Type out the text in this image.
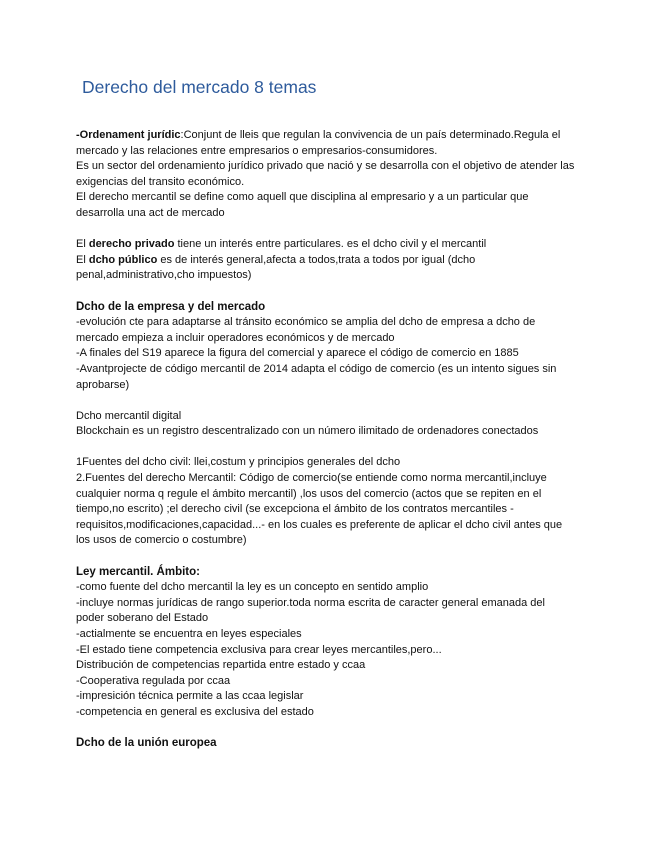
Derecho del mercado 8 temas

-Ordenament jurídic:Conjunt de lleis que regulan la convivencia de un país determinado.Regula el mercado y las relaciones entre empresarios o empresarios-consumidores.

Es un sector del ordenamiento jurídico privado que nació y se desarrolla con el objetivo de atender las exigencias del transito económico.

El derecho mercantil se define como aquell que disciplina al empresario y a un particular que desarrolla una act de mercado

El derecho privado tiene un interés entre particulares. es el dcho civil y el mercantil

El dcho público es de interés general,afecta a todos,trata a todos por igual (dcho penal,administrativo,cho impuestos)

Dcho de la empresa y del mercado

-evolución cte para adaptarse al tránsito económico se amplia del dcho de empresa a dcho de mercado empieza a incluir operadores económicos y de mercado

-A finales del S19 aparece la figura del comercial y aparece el código de comercio en 1885

-Avantprojecte de código mercantil de 2014 adapta el código de comercio (es un intento sigues sin aprobarse)

Dcho mercantil digital

Blockchain es un registro descentralizado con un número ilimitado de ordenadores conectados

1Fuentes del dcho civil: llei,costum y principios generales del dcho

2.Fuentes del derecho Mercantil: Código de comercio(se entiende como norma mercantil,incluye cualquier norma q regule el ámbito mercantil) ,los usos del comercio (actos que se repiten en el tiempo,no escrito) ;el derecho civil (se excepciona el ámbito de los contratos mercantiles -requisitos,modificaciones,capacidad...- en los cuales es preferente de aplicar el dcho civil antes que los usos de comercio o costumbre)

Ley mercantil. Ámbito:

-como fuente del dcho mercantil la ley es un concepto en sentido amplio

-incluye normas jurídicas de rango superior.toda norma escrita de caracter general emanada del poder soberano del Estado

-actialmente se encuentra en leyes especiales

-El estado tiene competencia exclusiva para crear leyes mercantiles,pero...

Distribución de competencias repartida entre estado y ccaa

-Cooperativa regulada por ccaa

-impresición técnica permite a las ccaa legislar

-competencia en general es exclusiva del estado

Dcho de la unión europea
